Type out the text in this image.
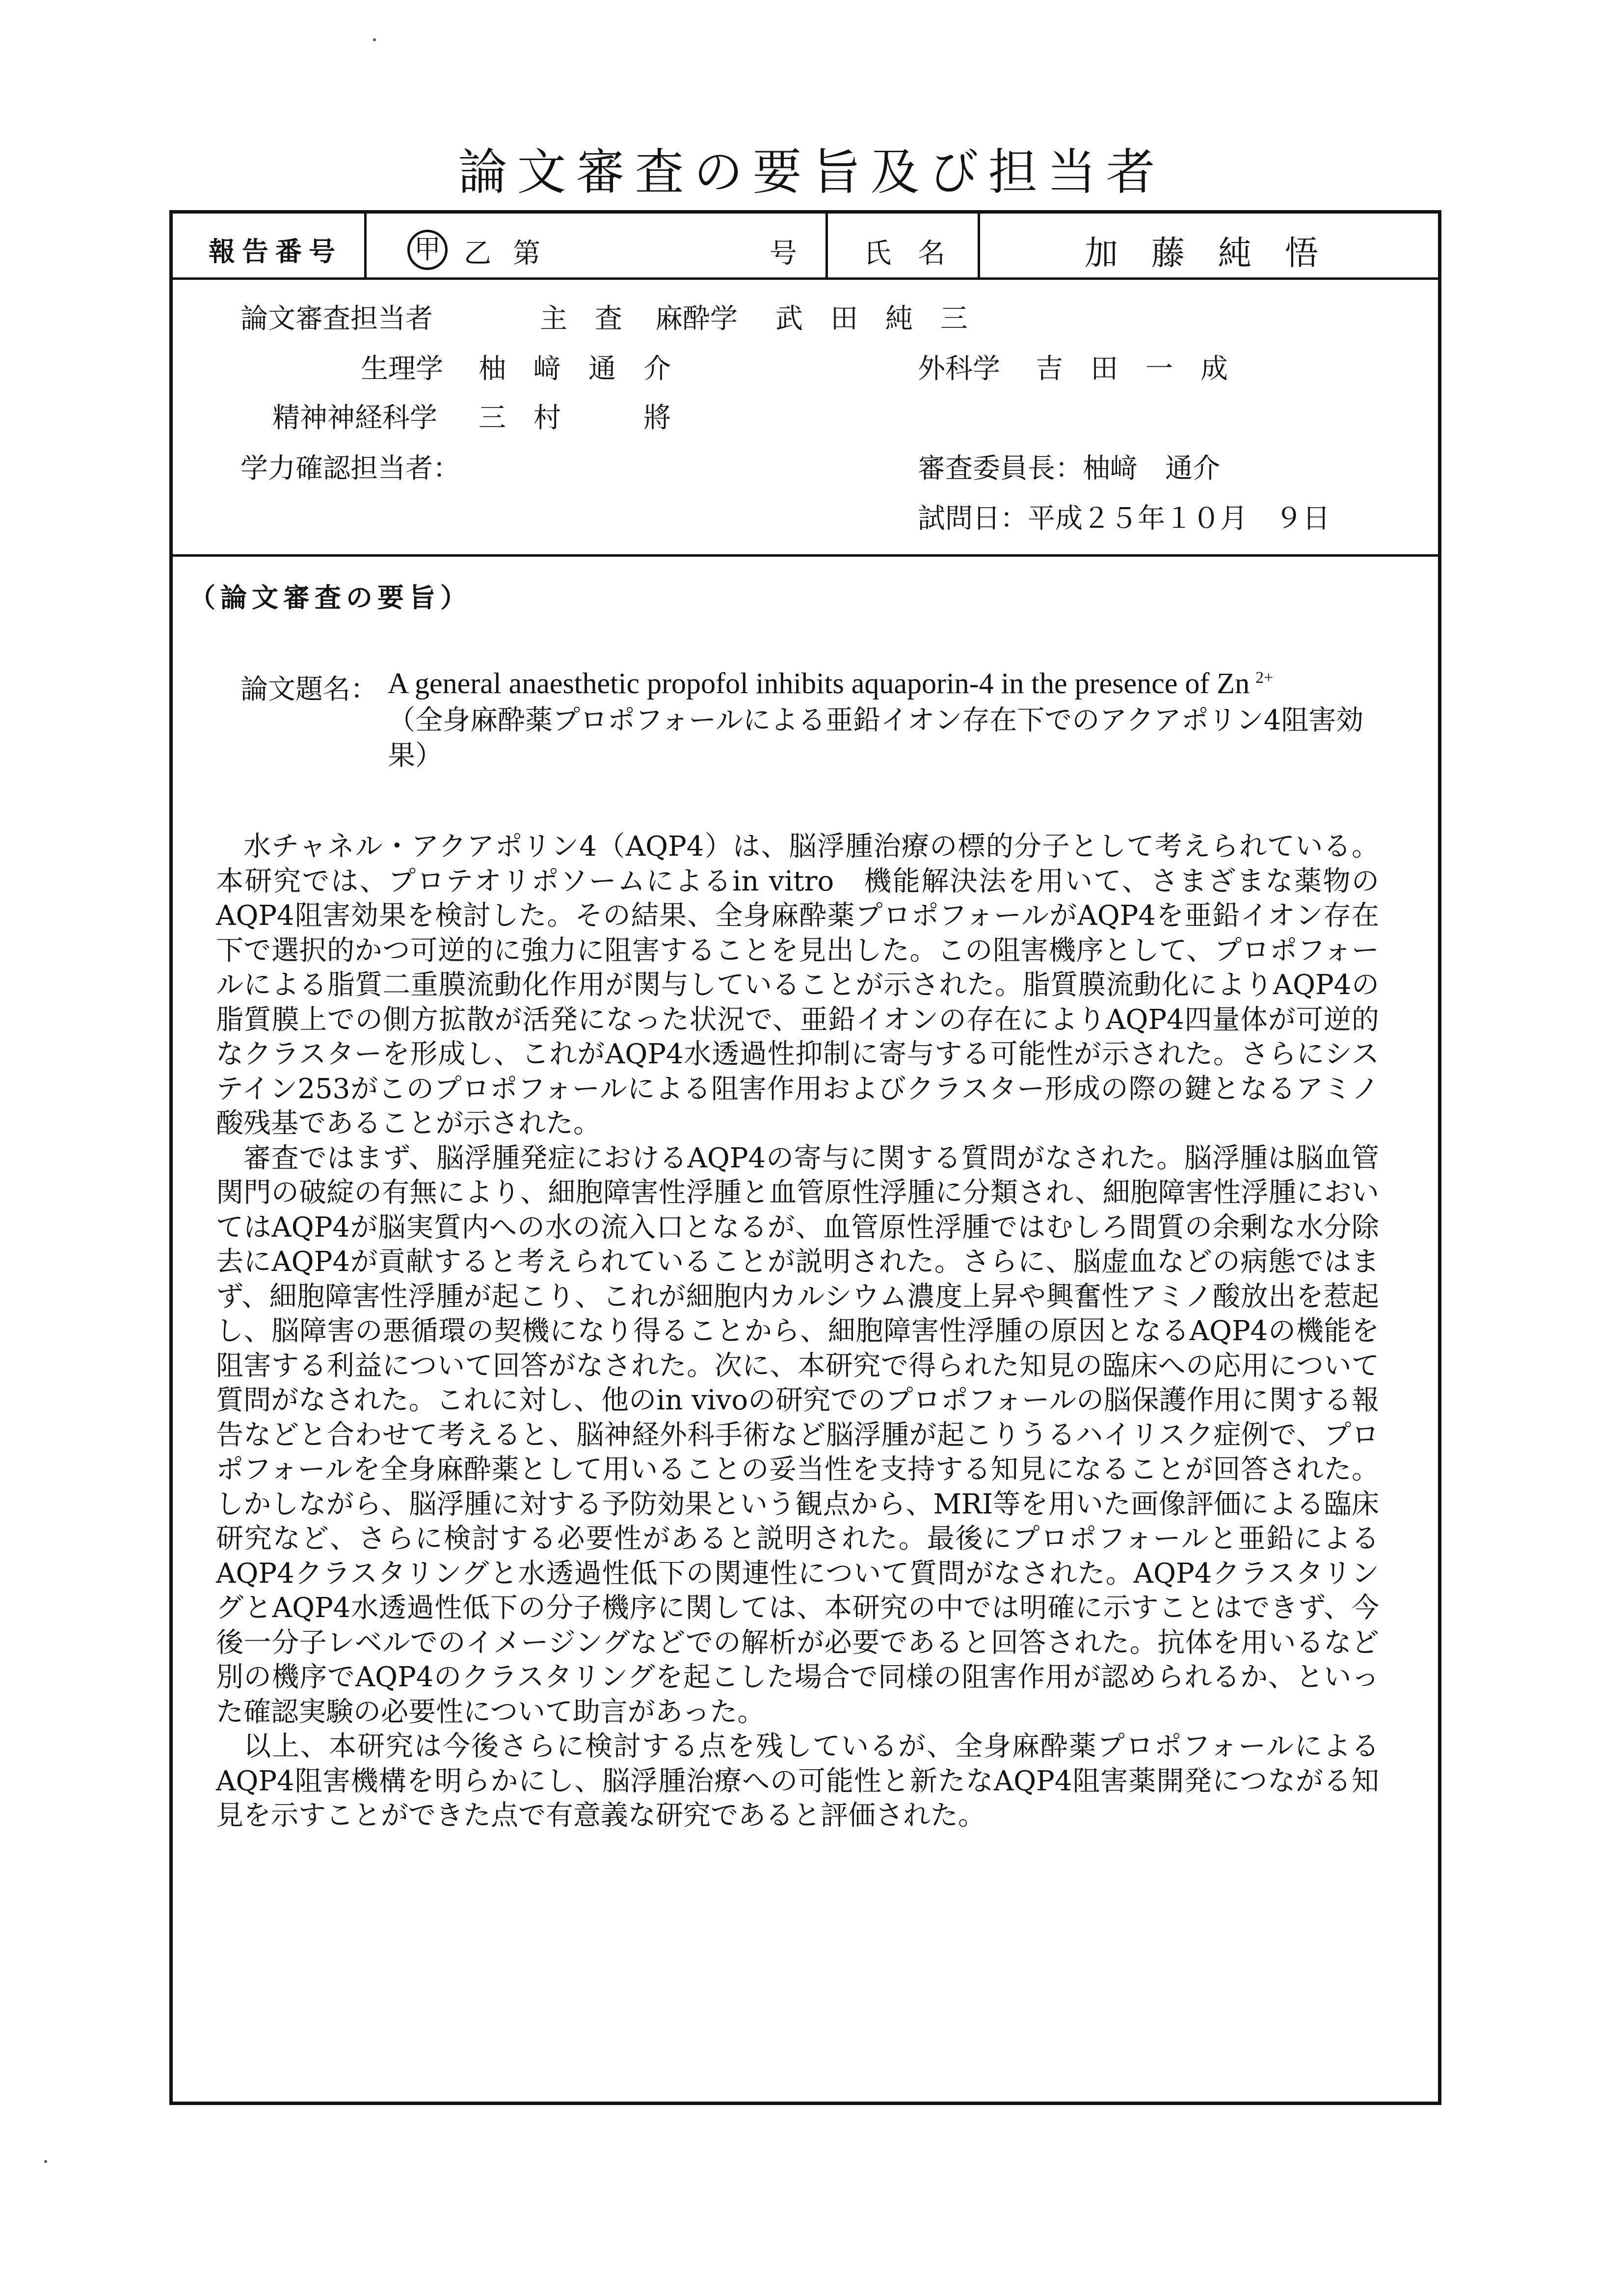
論文審査の要旨及び担当者
報告番号	甲 乙 第	号 氏 名	加　藤　純　悟
論文審査担当者	主　査 麻酔学 武　田　純　三
生理学 柚　﨑　通　介	外科学 吉　田　一　成
精神神経科学 三　村　　　將
学力確認担当者：	審査委員長：柚﨑　通介
試問日：平成２５年１０月　９日
（論文審査の要旨）
論文題名： A general anaesthetic propofol inhibits aquaporin-4 in the presence of Zn $^{2+}$
（全身麻酔薬プロポフォールによる亜鉛イオン存在下でのアクアポリン4阻害効果）

水チャネル・アクアポリン4（AQP4）は、脳浮腫治療の標的分子として考えられている。本研究では、プロテオリポソームによるin vitro　機能解決法を用いて、さまざまな薬物のAQP4阻害効果を検討した。その結果、全身麻酔薬プロポフォールがAQP4を亜鉛イオン存在下で選択的かつ可逆的に強力に阻害することを見出した。この阻害機序として、プロポフォールによる脂質二重膜流動化作用が関与していることが示された。脂質膜流動化によりAQP4の脂質膜上での側方拡散が活発になった状況で、亜鉛イオンの存在によりAQP4四量体が可逆的なクラスターを形成し、これがAQP4水透過性抑制に寄与する可能性が示された。さらにシステイン253がこのプロポフォールによる阻害作用およびクラスター形成の際の鍵となるアミノ酸残基であることが示された。

審査ではまず、脳浮腫発症におけるAQP4の寄与に関する質問がなされた。脳浮腫は脳血管関門の破綻の有無により、細胞障害性浮腫と血管原性浮腫に分類され、細胞障害性浮腫においてはAQP4が脳実質内への水の流入口となるが、血管原性浮腫ではむしろ間質の余剰な水分除去にAQP4が貢献すると考えられていることが説明された。さらに、脳虚血などの病態ではまず、細胞障害性浮腫が起こり、これが細胞内カルシウム濃度上昇や興奮性アミノ酸放出を惹起し、脳障害の悪循環の契機になり得ることから、細胞障害性浮腫の原因となるAQP4の機能を阻害する利益について回答がなされた。次に、本研究で得られた知見の臨床への応用について質問がなされた。これに対し、他のin vivoの研究でのプロポフォールの脳保護作用に関する報告などと合わせて考えると、脳神経外科手術など脳浮腫が起こりうるハイリスク症例で、プロポフォールを全身麻酔薬として用いることの妥当性を支持する知見になることが回答された。しかしながら、脳浮腫に対する予防効果という観点から、MRI等を用いた画像評価による臨床研究など、さらに検討する必要性があると説明された。最後にプロポフォールと亜鉛によるAQP4クラスタリングと水透過性低下の関連性について質問がなされた。AQP4クラスタリングとAQP4水透過性低下の分子機序に関しては、本研究の中では明確に示すことはできず、今後一分子レベルでのイメージングなどでの解析が必要であると回答された。抗体を用いるなど別の機序でAQP4のクラスタリングを起こした場合で同様の阻害作用が認められるか、といった確認実験の必要性について助言があった。

以上、本研究は今後さらに検討する点を残しているが、全身麻酔薬プロポフォールによるAQP4阻害機構を明らかにし、脳浮腫治療への可能性と新たなAQP4阻害薬開発につながる知見を示すことができた点で有意義な研究であると評価された。
